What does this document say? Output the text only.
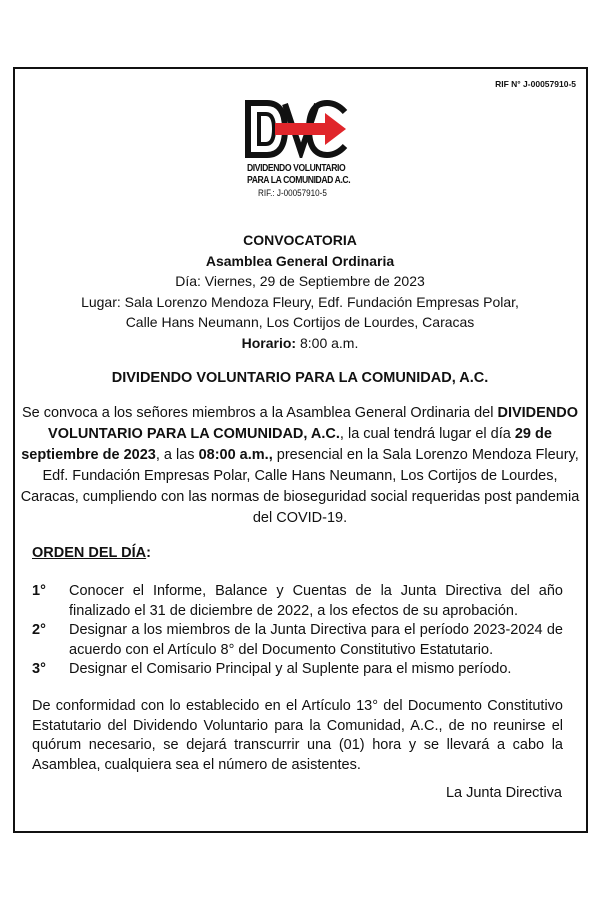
RIF N° J-00057910-5
DIVIDENDO VOLUNTARIO
PARA LA COMUNIDAD A.C.
RIF.: J-00057910-5
CONVOCATORIA
Asamblea General Ordinaria
Día: Viernes, 29 de Septiembre de 2023
Lugar: Sala Lorenzo Mendoza Fleury, Edf. Fundación Empresas Polar,
Calle Hans Neumann, Los Cortijos de Lourdes, Caracas
Horario: 8:00 a.m.
DIVIDENDO VOLUNTARIO PARA LA COMUNIDAD, A.C.
Se convoca a los señores miembros a la Asamblea General Ordinaria del DIVIDENDO VOLUNTARIO PARA LA COMUNIDAD, A.C., la cual tendrá lugar el día 29 de septiembre de 2023, a las 08:00 a.m., presencial en la Sala Lorenzo Mendoza Fleury, Edf. Fundación Empresas Polar, Calle Hans Neumann, Los Cortijos de Lourdes, Caracas, cumpliendo con las normas de bioseguridad social requeridas post pandemia del COVID-19.
ORDEN DEL DÍA:
1° Conocer el Informe, Balance y Cuentas de la Junta Directiva del año finalizado el 31 de diciembre de 2022, a los efectos de su aprobación.
2° Designar a los miembros de la Junta Directiva para el período 2023-2024 de acuerdo con el Artículo 8° del Documento Constitutivo Estatutario.
3° Designar el Comisario Principal y al Suplente para el mismo período.
De conformidad con lo establecido en el Artículo 13° del Documento Constitutivo Estatutario del Dividendo Voluntario para la Comunidad, A.C., de no reunirse el quórum necesario, se dejará transcurrir una (01) hora y se llevará a cabo la Asamblea, cualquiera sea el número de asistentes.
La Junta Directiva
